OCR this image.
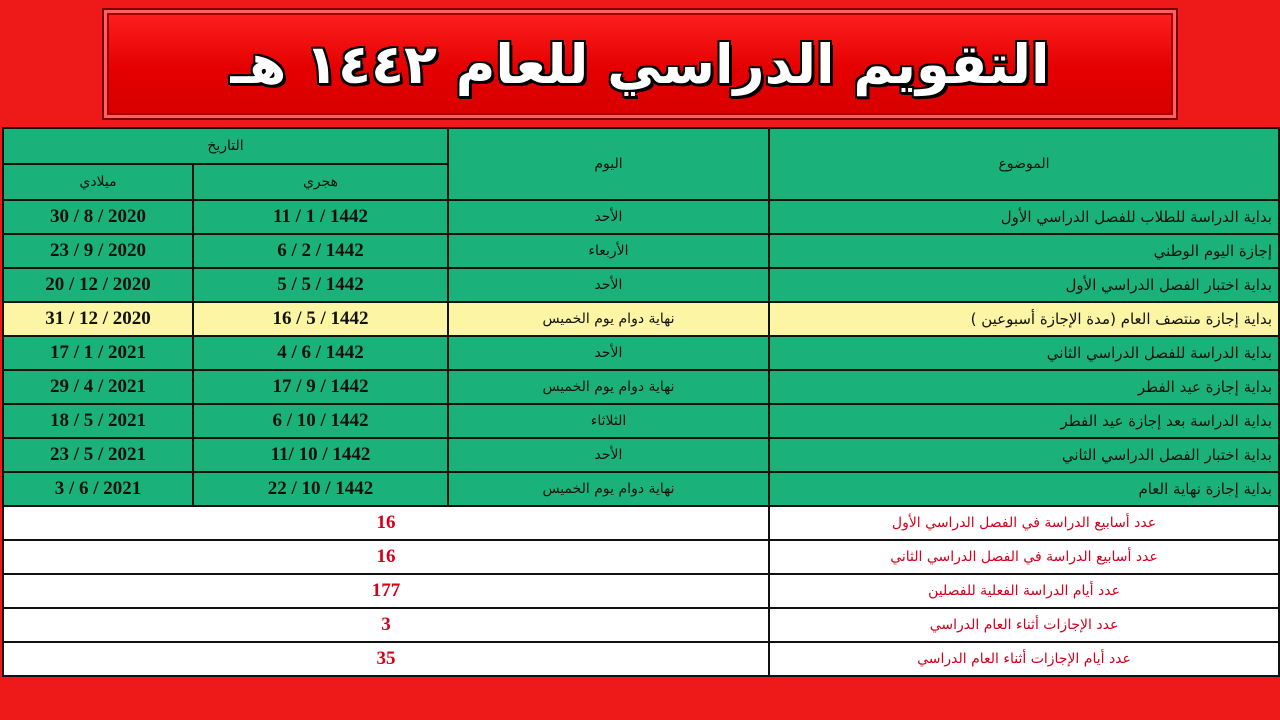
التقويم الدراسي للعام ١٤٤٢ هـ
التاريخ		اليوم	الموضوع
ميلادي	هجري		
30 / 8 / 2020	11 / 1 / 1442	الأحد	بداية الدراسة للطلاب للفصل الدراسي الأول
23 / 9 / 2020	6 / 2 / 1442	الأربعاء	إجازة اليوم الوطني
20 / 12 / 2020	5 / 5 / 1442	الأحد	بداية اختبار الفصل الدراسي الأول
31 / 12 / 2020	16 / 5 / 1442	نهاية دوام يوم الخميس	بداية إجازة منتصف العام (مدة الإجازة أسبوعين )
17 / 1 / 2021	4 / 6 / 1442	الأحد	بداية الدراسة للفصل الدراسي الثاني
29 / 4 / 2021	17 / 9 / 1442	نهاية دوام يوم الخميس	بداية إجازة عيد الفطر
18 / 5 / 2021	6 / 10 / 1442	الثلاثاء	بداية الدراسة بعد إجازة عيد الفطر
23 / 5 / 2021	11/ 10 / 1442	الأحد	بداية اختبار الفصل الدراسي الثاني
3 / 6 / 2021	22 / 10 / 1442	نهاية دوام يوم الخميس	بداية إجازة نهاية العام
16			عدد أسابيع الدراسة في الفصل الدراسي الأول
16			عدد أسابيع الدراسة في الفصل الدراسي الثاني
177			عدد أيام الدراسة الفعلية للفصلين
3			عدد الإجازات أثناء العام الدراسي
35			عدد أيام الإجازات أثناء العام الدراسي
